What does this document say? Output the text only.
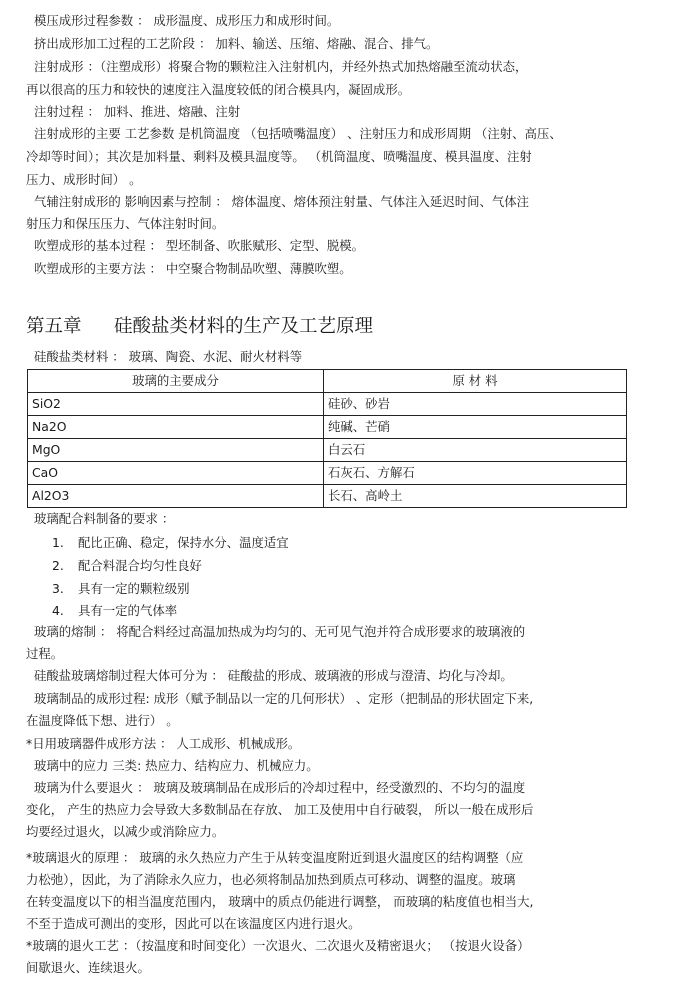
模压成形过程参数 ： 成形温度、成形压力和成形时间。
挤出成形加工过程的工艺阶段 ： 加料、输送、压缩、熔融、混合、排气。
注射成形 ：（注塑成形）将聚合物的颗粒注入注射机内，并经外热式加热熔融至流动状态，
再以很高的压力和较快的速度注入温度较低的闭合模具内，凝固成形。
注射过程 ： 加料、推进、熔融、注射
注射成形的主要 工艺参数 是机筒温度 （包括喷嘴温度） 、注射压力和成形周期 （注射、高压、
冷却等时间）；其次是加料量、剩料及模具温度等。 （机筒温度、喷嘴温度、模具温度、注射
压力、成形时间） 。
气辅注射成形的 影响因素与控制 ： 熔体温度、熔体预注射量、气体注入延迟时间、气体注
射压力和保压压力、气体注射时间。
吹塑成形的基本过程 ： 型坯制备、吹胀赋形、定型、脱模。
吹塑成形的主要方法 ： 中空聚合物制品吹塑、薄膜吹塑。
第五章 硅酸盐类材料的生产及工艺原理
硅酸盐类材料 ： 玻璃、陶瓷、水泥、耐火材料等
玻璃的主要成分	原 材 料
SiO2	硅砂、砂岩
Na2O	纯碱、芒硝
MgO	白云石
CaO	石灰石、方解石
Al2O3	长石、高岭土
玻璃配合料制备的要求 ：
1. 配比正确、稳定，保持水分、温度适宜
2. 配合料混合均匀性良好
3. 具有一定的颗粒级别
4. 具有一定的气体率
玻璃的熔制 ： 将配合料经过高温加热成为均匀的、无可见气泡并符合成形要求的玻璃液的
过程。
硅酸盐玻璃熔制过程大体可分为 ： 硅酸盐的形成、玻璃液的形成与澄清、均化与冷却。
玻璃制品的成形过程: 成形（赋予制品以一定的几何形状） 、定形（把制品的形状固定下来,
在温度降低下想、进行） 。
*日用玻璃器件成形方法 ： 人工成形、机械成形。
玻璃中的应力 三类: 热应力、结构应力、机械应力。
玻璃为什么要退火 ： 玻璃及玻璃制品在成形后的冷却过程中，经受激烈的、不均匀的温度
变化， 产生的热应力会导致大多数制品在存放、 加工及使用中自行破裂， 所以一般在成形后
均要经过退火，以减少或消除应力。
*玻璃退火的原理 ： 玻璃的永久热应力产生于从转变温度附近到退火温度区的结构调整（应
力松弛），因此，为了消除永久应力，也必须将制品加热到质点可移动、调整的温度。玻璃
在转变温度以下的相当温度范围内， 玻璃中的质点仍能进行调整， 而玻璃的粘度值也相当大,
不至于造成可测出的变形，因此可以在该温度区内进行退火。
*玻璃的退火工艺 ：（按温度和时间变化）一次退火、二次退火及精密退火； （按退火设备）
间歇退火、连续退火。
